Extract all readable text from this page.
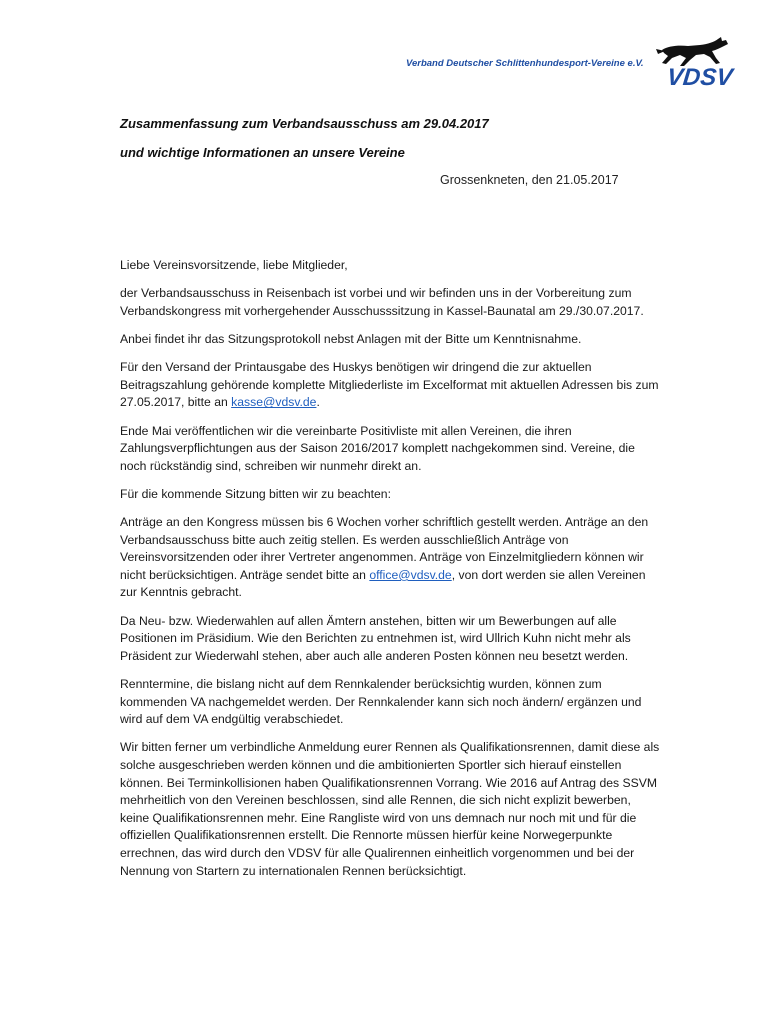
Verband Deutscher Schlittenhundesport-Vereine e.V.
VDSV
Zusammenfassung zum Verbandsausschuss am 29.04.2017
und wichtige Informationen an unsere Vereine
Grossenkneten, den 21.05.2017

Liebe Vereinsvorsitzende, liebe Mitglieder,

der Verbandsausschuss in Reisenbach ist vorbei und wir befinden uns in der Vorbereitung zum Verbandskongress mit vorhergehender Ausschusssitzung in Kassel-Baunatal am 29./30.07.2017.

Anbei findet ihr das Sitzungsprotokoll nebst Anlagen mit der Bitte um Kenntnisnahme.

Für den Versand der Printausgabe des Huskys benötigen wir dringend die zur aktuellen Beitragszahlung gehörende komplette Mitgliederliste im Excelformat mit aktuellen Adressen bis zum 27.05.2017, bitte an kasse@vdsv.de.

Ende Mai veröffentlichen wir die vereinbarte Positivliste mit allen Vereinen, die ihren Zahlungsverpflichtungen aus der Saison 2016/2017 komplett nachgekommen sind. Vereine, die noch rückständig sind, schreiben wir nunmehr direkt an.

Für die kommende Sitzung bitten wir zu beachten:

Anträge an den Kongress müssen bis 6 Wochen vorher schriftlich gestellt werden. Anträge an den Verbandsausschuss bitte auch zeitig stellen. Es werden ausschließlich Anträge von Vereinsvorsitzenden oder ihrer Vertreter angenommen. Anträge von Einzelmitgliedern können wir nicht berücksichtigen. Anträge sendet bitte an office@vdsv.de, von dort werden sie allen Vereinen zur Kenntnis gebracht.

Da Neu- bzw. Wiederwahlen auf allen Ämtern anstehen, bitten wir um Bewerbungen auf alle Positionen im Präsidium. Wie den Berichten zu entnehmen ist, wird Ullrich Kuhn nicht mehr als Präsident zur Wiederwahl stehen, aber auch alle anderen Posten können neu besetzt werden.

Renntermine, die bislang nicht auf dem Rennkalender berücksichtig wurden, können zum kommenden VA nachgemeldet werden. Der Rennkalender kann sich noch ändern/ ergänzen und wird auf dem VA endgültig verabschiedet.

Wir bitten ferner um verbindliche Anmeldung eurer Rennen als Qualifikationsrennen, damit diese als solche ausgeschrieben werden können und die ambitionierten Sportler sich hierauf einstellen können. Bei Terminkollisionen haben Qualifikationsrennen Vorrang. Wie 2016 auf Antrag des SSVM mehrheitlich von den Vereinen beschlossen, sind alle Rennen, die sich nicht explizit bewerben, keine Qualifikationsrennen mehr. Eine Rangliste wird von uns demnach nur noch mit und für die offiziellen Qualifikationsrennen erstellt. Die Rennorte müssen hierfür keine Norwegerpunkte errechnen, das wird durch den VDSV für alle Qualirennen einheitlich vorgenommen und bei der Nennung von Startern zu internationalen Rennen berücksichtigt.
